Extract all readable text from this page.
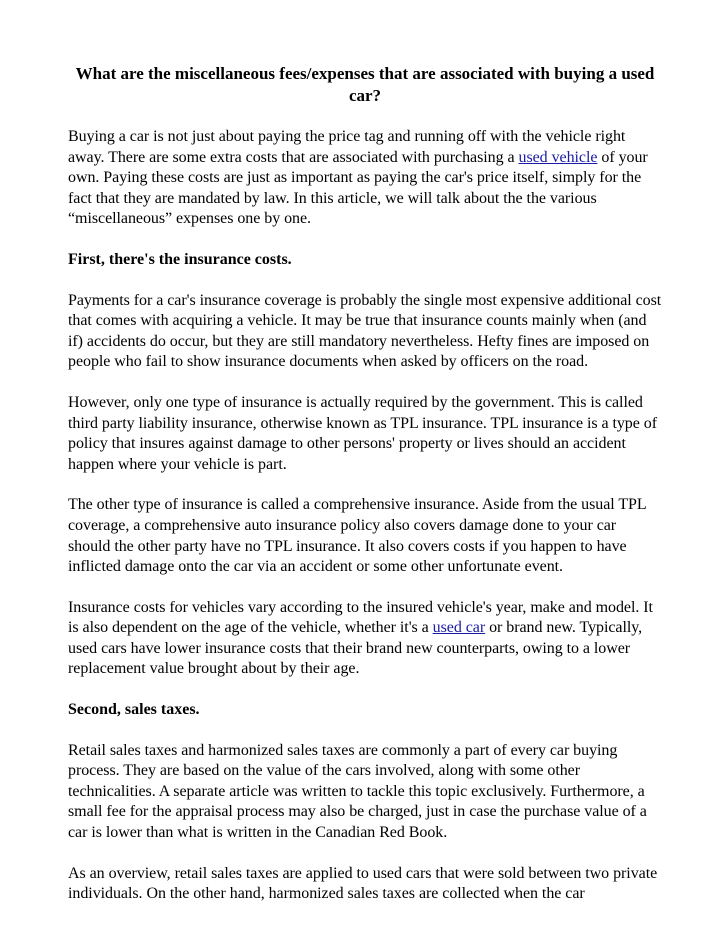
What are the miscellaneous fees/expenses that are associated with buying a used car?

Buying a car is not just about paying the price tag and running off with the vehicle right away. There are some extra costs that are associated with purchasing a used vehicle of your own. Paying these costs are just as important as paying the car's price itself, simply for the fact that they are mandated by law. In this article, we will talk about the the various “miscellaneous” expenses one by one.

First, there's the insurance costs.

Payments for a car's insurance coverage is probably the single most expensive additional cost that comes with acquiring a vehicle. It may be true that insurance counts mainly when (and if) accidents do occur, but they are still mandatory nevertheless. Hefty fines are imposed on people who fail to show insurance documents when asked by officers on the road.

However, only one type of insurance is actually required by the government. This is called third party liability insurance, otherwise known as TPL insurance. TPL insurance is a type of policy that insures against damage to other persons' property or lives should an accident happen where your vehicle is part.

The other type of insurance is called a comprehensive insurance. Aside from the usual TPL coverage, a comprehensive auto insurance policy also covers damage done to your car should the other party have no TPL insurance. It also covers costs if you happen to have inflicted damage onto the car via an accident or some other unfortunate event.

Insurance costs for vehicles vary according to the insured vehicle's year, make and model. It is also dependent on the age of the vehicle, whether it's a used car or brand new. Typically, used cars have lower insurance costs that their brand new counterparts, owing to a lower replacement value brought about by their age.

Second, sales taxes.

Retail sales taxes and harmonized sales taxes are commonly a part of every car buying process. They are based on the value of the cars involved, along with some other technicalities. A separate article was written to tackle this topic exclusively. Furthermore, a small fee for the appraisal process may also be charged, just in case the purchase value of a car is lower than what is written in the Canadian Red Book.

As an overview, retail sales taxes are applied to used cars that were sold between two private individuals. On the other hand, harmonized sales taxes are collected when the car
